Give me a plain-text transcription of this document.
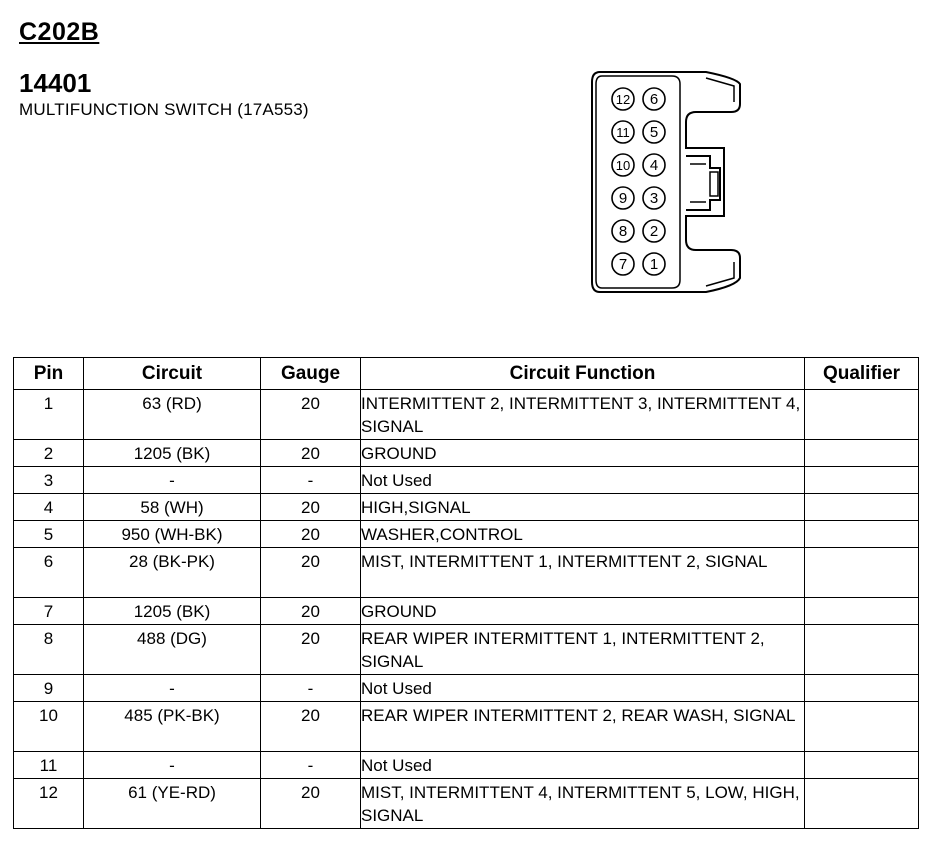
C202B
14401
MULTIFUNCTION SWITCH (17A553)
12 6
11 5
10 4
9 3
8 2
7 1
Pin	Circuit	Gauge	Circuit Function	Qualifier
1	63 (RD)	20	INTERMITTENT 2, INTERMITTENT 3, INTERMITTENT 4, SIGNAL	
2	1205 (BK)	20	GROUND	
3	-	-	Not Used	
4	58 (WH)	20	HIGH,SIGNAL	
5	950 (WH-BK)	20	WASHER,CONTROL	
6	28 (BK-PK)	20	MIST, INTERMITTENT 1, INTERMITTENT 2, SIGNAL	
7	1205 (BK)	20	GROUND	
8	488 (DG)	20	REAR WIPER INTERMITTENT 1, INTERMITTENT 2, SIGNAL	
9	-	-	Not Used	
10	485 (PK-BK)	20	REAR WIPER INTERMITTENT 2, REAR WASH, SIGNAL	
11	-	-	Not Used	
12	61 (YE-RD)	20	MIST, INTERMITTENT 4, INTERMITTENT 5, LOW, HIGH, SIGNAL	
